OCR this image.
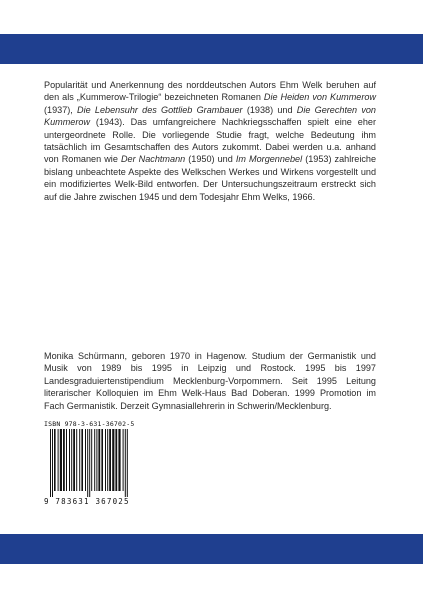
Popularität und Anerkennung des norddeutschen Autors Ehm Welk beruhen auf den als „Kummerow-Trilogie“ bezeichneten Romanen Die Heiden von Kummerow (1937), Die Lebensuhr des Gottlieb Grambauer (1938) und Die Gerechten von Kummerow (1943). Das umfangreichere Nachkriegsschaffen spielt eine eher untergeordnete Rolle. Die vorliegende Studie fragt, welche Bedeutung ihm tatsächlich im Gesamtschaffen des Autors zukommt. Dabei werden u.a. anhand von Romanen wie Der Nachtmann (1950) und Im Morgennebel (1953) zahlreiche bislang unbeachtete Aspekte des Welkschen Werkes und Wirkens vorgestellt und ein modifiziertes Welk-Bild entworfen. Der Untersuchungszeitraum erstreckt sich auf die Jahre zwischen 1945 und dem Todesjahr Ehm Welks, 1966.

Monika Schürmann, geboren 1970 in Hagenow. Studium der Germanistik und Musik von 1989 bis 1995 in Leipzig und Rostock. 1995 bis 1997 Landesgraduiertenstipendium Mecklenburg-Vorpommern. Seit 1995 Leitung literarischer Kolloquien im Ehm Welk-Haus Bad Doberan. 1999 Promotion im Fach Germanistik. Derzeit Gymnasiallehrerin in Schwerin/Mecklenburg.

ISBN 978-3-631-36702-5
9 783631 367025
